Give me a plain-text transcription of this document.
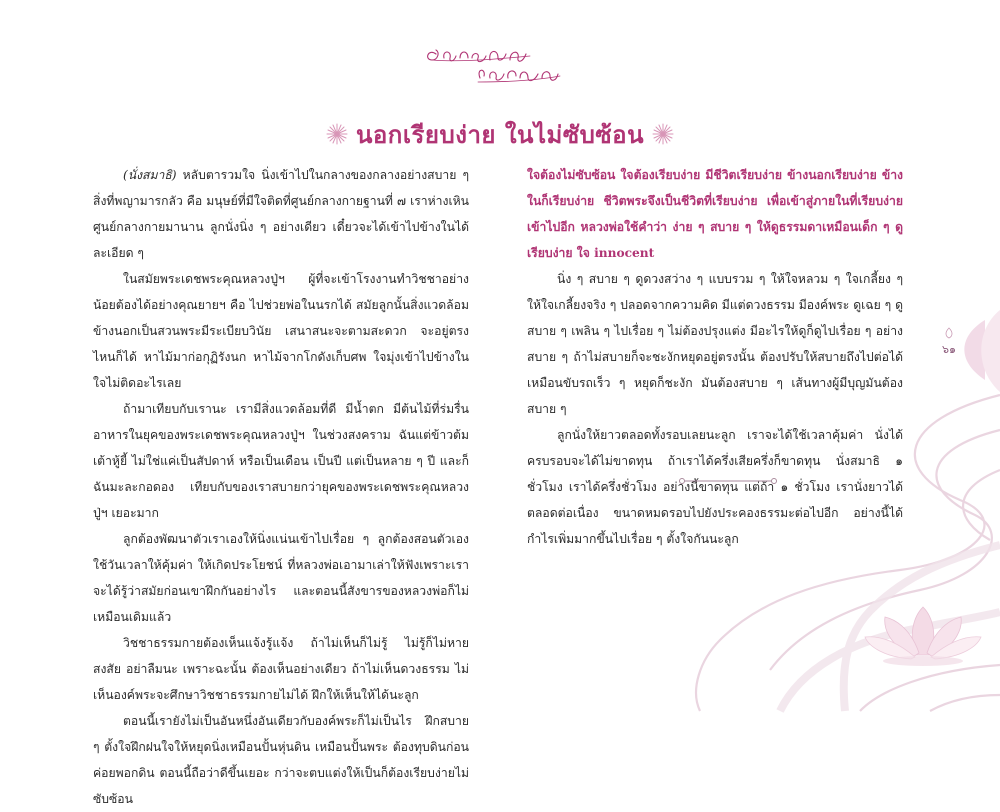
นอกเรียบง่าย ในไม่ซับซ้อน

(นั่งสมาธิ) หลับตารวมใจ นิ่งเข้าไปในกลางของกลางอย่างสบาย ๆ สิ่งที่พญามารกลัว คือ มนุษย์ที่มีใจติดที่ศูนย์กลางกายฐานที่ ๗ เราห่างเหินศูนย์กลางกายมานาน ลูกนั่งนิ่ง ๆ อย่างเดียว เดี๋ยวจะได้เข้าไปข้างในได้ละเอียด ๆ

ในสมัยพระเดชพระคุณหลวงปู่ฯ ผู้ที่จะเข้าโรงงานทำวิชชาอย่างน้อยต้องได้อย่างคุณยายฯ คือ ไปช่วยพ่อในนรกได้ สมัยลูกนั้นสิ่งแวดล้อมข้างนอกเป็นสวนพระมีระเบียบวินัย เสนาสนะจะตามสะดวก จะอยู่ตรงไหนก็ได้ หาไม้มาก่อกุฏิรังนก หาไม้จากโกดังเก็บศพ ใจมุ่งเข้าไปข้างใน ใจไม่ติดอะไรเลย

ถ้ามาเทียบกับเรานะ เรามีสิ่งแวดล้อมที่ดี มีน้ำตก มีต้นไม้ที่ร่มรื่น อาหารในยุคของพระเดชพระคุณหลวงปู่ฯ ในช่วงสงคราม ฉันแต่ข้าวต้ม เต้าหู้ยี้ ไม่ใช่แค่เป็นสัปดาห์ หรือเป็นเดือน เป็นปี แต่เป็นหลาย ๆ ปี และก็ฉันมะละกอดอง เทียบกับของเราสบายกว่ายุคของพระเดชพระคุณหลวงปู่ฯ เยอะมาก

ลูกต้องพัฒนาตัวเราเองให้นิ่งแน่นเข้าไปเรื่อย ๆ ลูกต้องสอนตัวเองใช้วันเวลาให้คุ้มค่า ให้เกิดประโยชน์ ที่หลวงพ่อเอามาเล่าให้ฟังเพราะเราจะได้รู้ว่าสมัยก่อนเขาฝึกกันอย่างไร และตอนนี้สังขารของหลวงพ่อก็ไม่เหมือนเดิมแล้ว

วิชชาธรรมกายต้องเห็นแจ้งรู้แจ้ง ถ้าไม่เห็นก็ไม่รู้ ไม่รู้ก็ไม่หายสงสัย อย่าลืมนะ เพราะฉะนั้น ต้องเห็นอย่างเดียว ถ้าไม่เห็นดวงธรรม ไม่เห็นองค์พระจะศึกษาวิชชาธรรมกายไม่ได้ ฝึกให้เห็นให้ได้นะลูก

ตอนนี้เรายังไม่เป็นอันหนึ่งอันเดียวกับองค์พระก็ไม่เป็นไร ฝึกสบาย ๆ ตั้งใจฝึกฝนใจให้หยุดนิ่งเหมือนปั้นหุ่นดิน เหมือนปั้นพระ ต้องทุบดินก่อนค่อยพอกดิน ตอนนี้ถือว่าดีขึ้นเยอะ กว่าจะตบแต่งให้เป็นก็ต้องเรียบง่ายไม่ซับซ้อน

ใจต้องไม่ซับซ้อน ใจต้องเรียบง่าย มีชีวิตเรียบง่าย ข้างนอกเรียบง่าย ข้างในก็เรียบง่าย ชีวิตพระจึงเป็นชีวิตที่เรียบง่าย เพื่อเข้าสู่ภายในที่เรียบง่ายเข้าไปอีก หลวงพ่อใช้คำว่า ง่าย ๆ สบาย ๆ ให้ดูธรรมดาเหมือนเด็ก ๆ ดูเรียบง่าย ใจ innocent

นิ่ง ๆ สบาย ๆ ดูดวงสว่าง ๆ แบบรวม ๆ ให้ใจหลวม ๆ ใจเกลี้ยง ๆ ให้ใจเกลี้ยงจริง ๆ ปลอดจากความคิด มีแต่ดวงธรรม มีองค์พระ ดูเฉย ๆ ดูสบาย ๆ เพลิน ๆ ไปเรื่อย ๆ ไม่ต้องปรุงแต่ง มีอะไรให้ดูก็ดูไปเรื่อย ๆ อย่างสบาย ๆ ถ้าไม่สบายก็จะชะงักหยุดอยู่ตรงนั้น ต้องปรับให้สบายถึงไปต่อได้ เหมือนขับรถเร็ว ๆ หยุดก็ชะงัก มันต้องสบาย ๆ เส้นทางผู้มีบุญมันต้องสบาย ๆ

ลูกนั่งให้ยาวตลอดทั้งรอบเลยนะลูก เราจะได้ใช้เวลาคุ้มค่า นั่งได้ครบรอบจะได้ไม่ขาดทุน ถ้าเราได้ครึ่งเสียครึ่งก็ขาดทุน นั่งสมาธิ ๑ ชั่วโมง เราได้ครึ่งชั่วโมง อย่างนี้ขาดทุน แต่ถ้า ๑ ชั่วโมง เรานั่งยาวได้ตลอดต่อเนื่อง ขนาดหมดรอบไปยังประคองธรรมะต่อไปอีก อย่างนี้ได้กำไรเพิ่มมากขึ้นไปเรื่อย ๆ ตั้งใจกันนะลูก

๖๑
